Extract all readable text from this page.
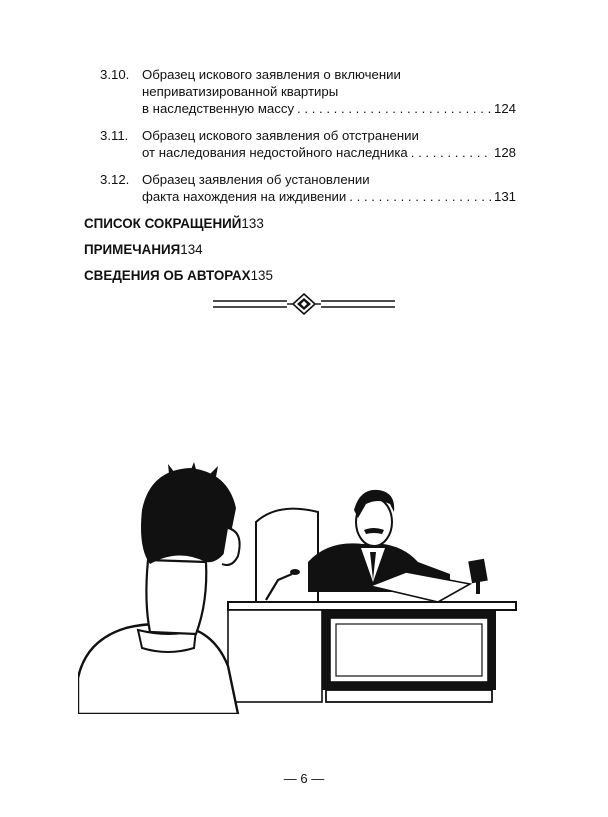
3.10. Образец искового заявления о включении
неприватизированной квартиры
в наследственную массу . . .	124
3.11. Образец искового заявления об отстранении
от наследования недостойного наследника . . .	128
3.12. Образец заявления об установлении
факта нахождения на иждивении . . .	131
СПИСОК СОКРАЩЕНИЙ 133
ПРИМЕЧАНИЯ 134
СВЕДЕНИЯ ОБ АВТОРАХ 135
— 6 —
